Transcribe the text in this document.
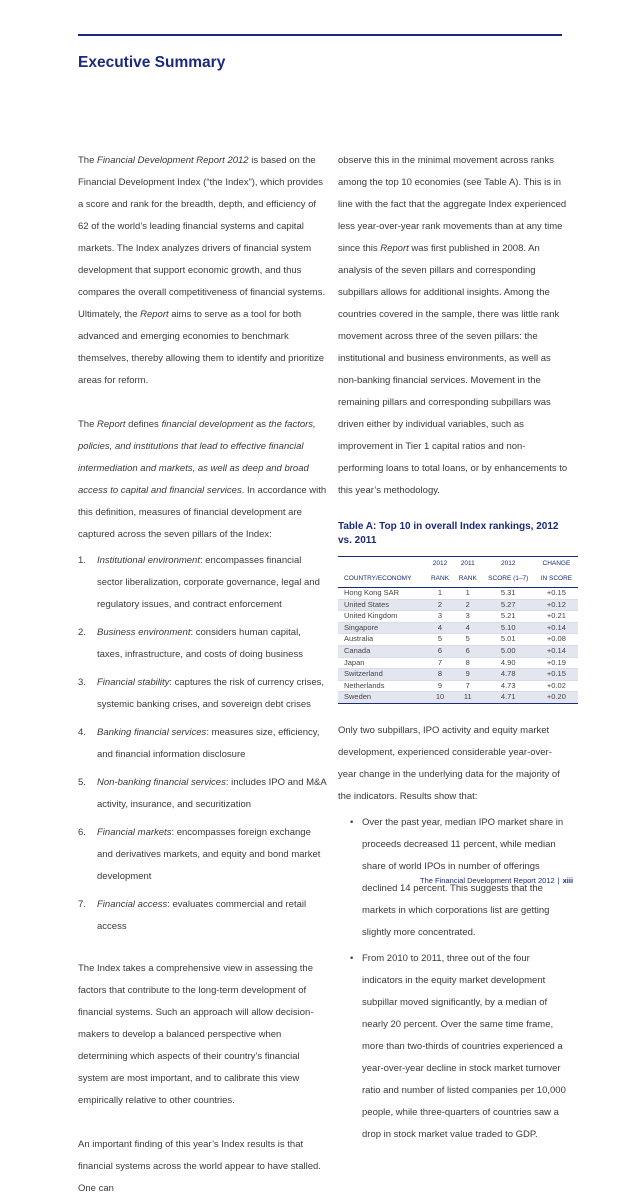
Executive Summary

The Financial Development Report 2012 is based on the Financial Development Index (“the Index”), which provides a score and rank for the breadth, depth, and efficiency of 62 of the world’s leading financial systems and capital markets. The Index analyzes drivers of financial system development that support economic growth, and thus compares the overall competitiveness of financial systems. Ultimately, the Report aims to serve as a tool for both advanced and emerging economies to benchmark themselves, thereby allowing them to identify and prioritize areas for reform.

The Report defines financial development as the factors, policies, and institutions that lead to effective financial intermediation and markets, as well as deep and broad access to capital and financial services. In accordance with this definition, measures of financial development are captured across the seven pillars of the Index:

1.	Institutional environment: encompasses financial sector liberalization, corporate governance, legal and regulatory issues, and contract enforcement
2.	Business environment: considers human capital, taxes, infrastructure, and costs of doing business
3.	Financial stability: captures the risk of currency crises, systemic banking crises, and sovereign debt crises
4.	Banking financial services: measures size, efficiency, and financial information disclosure
5.	Non-banking financial services: includes IPO and M&A activity, insurance, and securitization
6.	Financial markets: encompasses foreign exchange and derivatives markets, and equity and bond market development
7.	Financial access: evaluates commercial and retail access

The Index takes a comprehensive view in assessing the factors that contribute to the long-term development of financial systems. Such an approach will allow decision-makers to develop a balanced perspective when determining which aspects of their country’s financial system are most important, and to calibrate this view empirically relative to other countries.

An important finding of this year’s Index results is that financial systems across the world appear to have stalled. One can

observe this in the minimal movement across ranks among the top 10 economies (see Table A). This is in line with the fact that the aggregate Index experienced less year-over-year rank movements than at any time since this Report was first published in 2008. An analysis of the seven pillars and corresponding subpillars allows for additional insights. Among the countries covered in the sample, there was little rank movement across three of the seven pillars: the institutional and business environments, as well as non-banking financial services. Movement in the remaining pillars and corresponding subpillars was driven either by individual variables, such as improvement in Tier 1 capital ratios and non-performing loans to total loans, or by enhancements to this year’s methodology.

Table A: Top 10 in overall Index rankings, 2012 vs. 2011
	2012	2011	2012	CHANGE
COUNTRY/ECONOMY	RANK	RANK	SCORE (1–7)	IN SCORE
Hong Kong SAR	1	1	5.31	+0.15
United States	2	2	5.27	+0.12
United Kingdom	3	3	5.21	+0.21
Singapore	4	4	5.10	+0.14
Australia	5	5	5.01	+0.08
Canada	6	6	5.00	+0.14
Japan	7	8	4.90	+0.19
Switzerland	8	9	4.78	+0.15
Netherlands	9	7	4.73	+0.02
Sweden	10	11	4.71	+0.20

Only two subpillars, IPO activity and equity market development, experienced considerable year-over-year change in the underlying data for the majority of the indicators. Results show that:

• Over the past year, median IPO market share in proceeds decreased 11 percent, while median share of world IPOs in number of offerings declined 14 percent. This suggests that the markets in which corporations list are getting slightly more concentrated.
• From 2010 to 2011, three out of the four indicators in the equity market development subpillar moved significantly, by a median of nearly 20 percent. Over the same time frame, more than two-thirds of countries experienced a year-over-year decline in stock market turnover ratio and number of listed companies per 10,000 people, while three-quarters of countries saw a drop in stock market value traded to GDP.
The Financial Development Report 2012 | xiii
